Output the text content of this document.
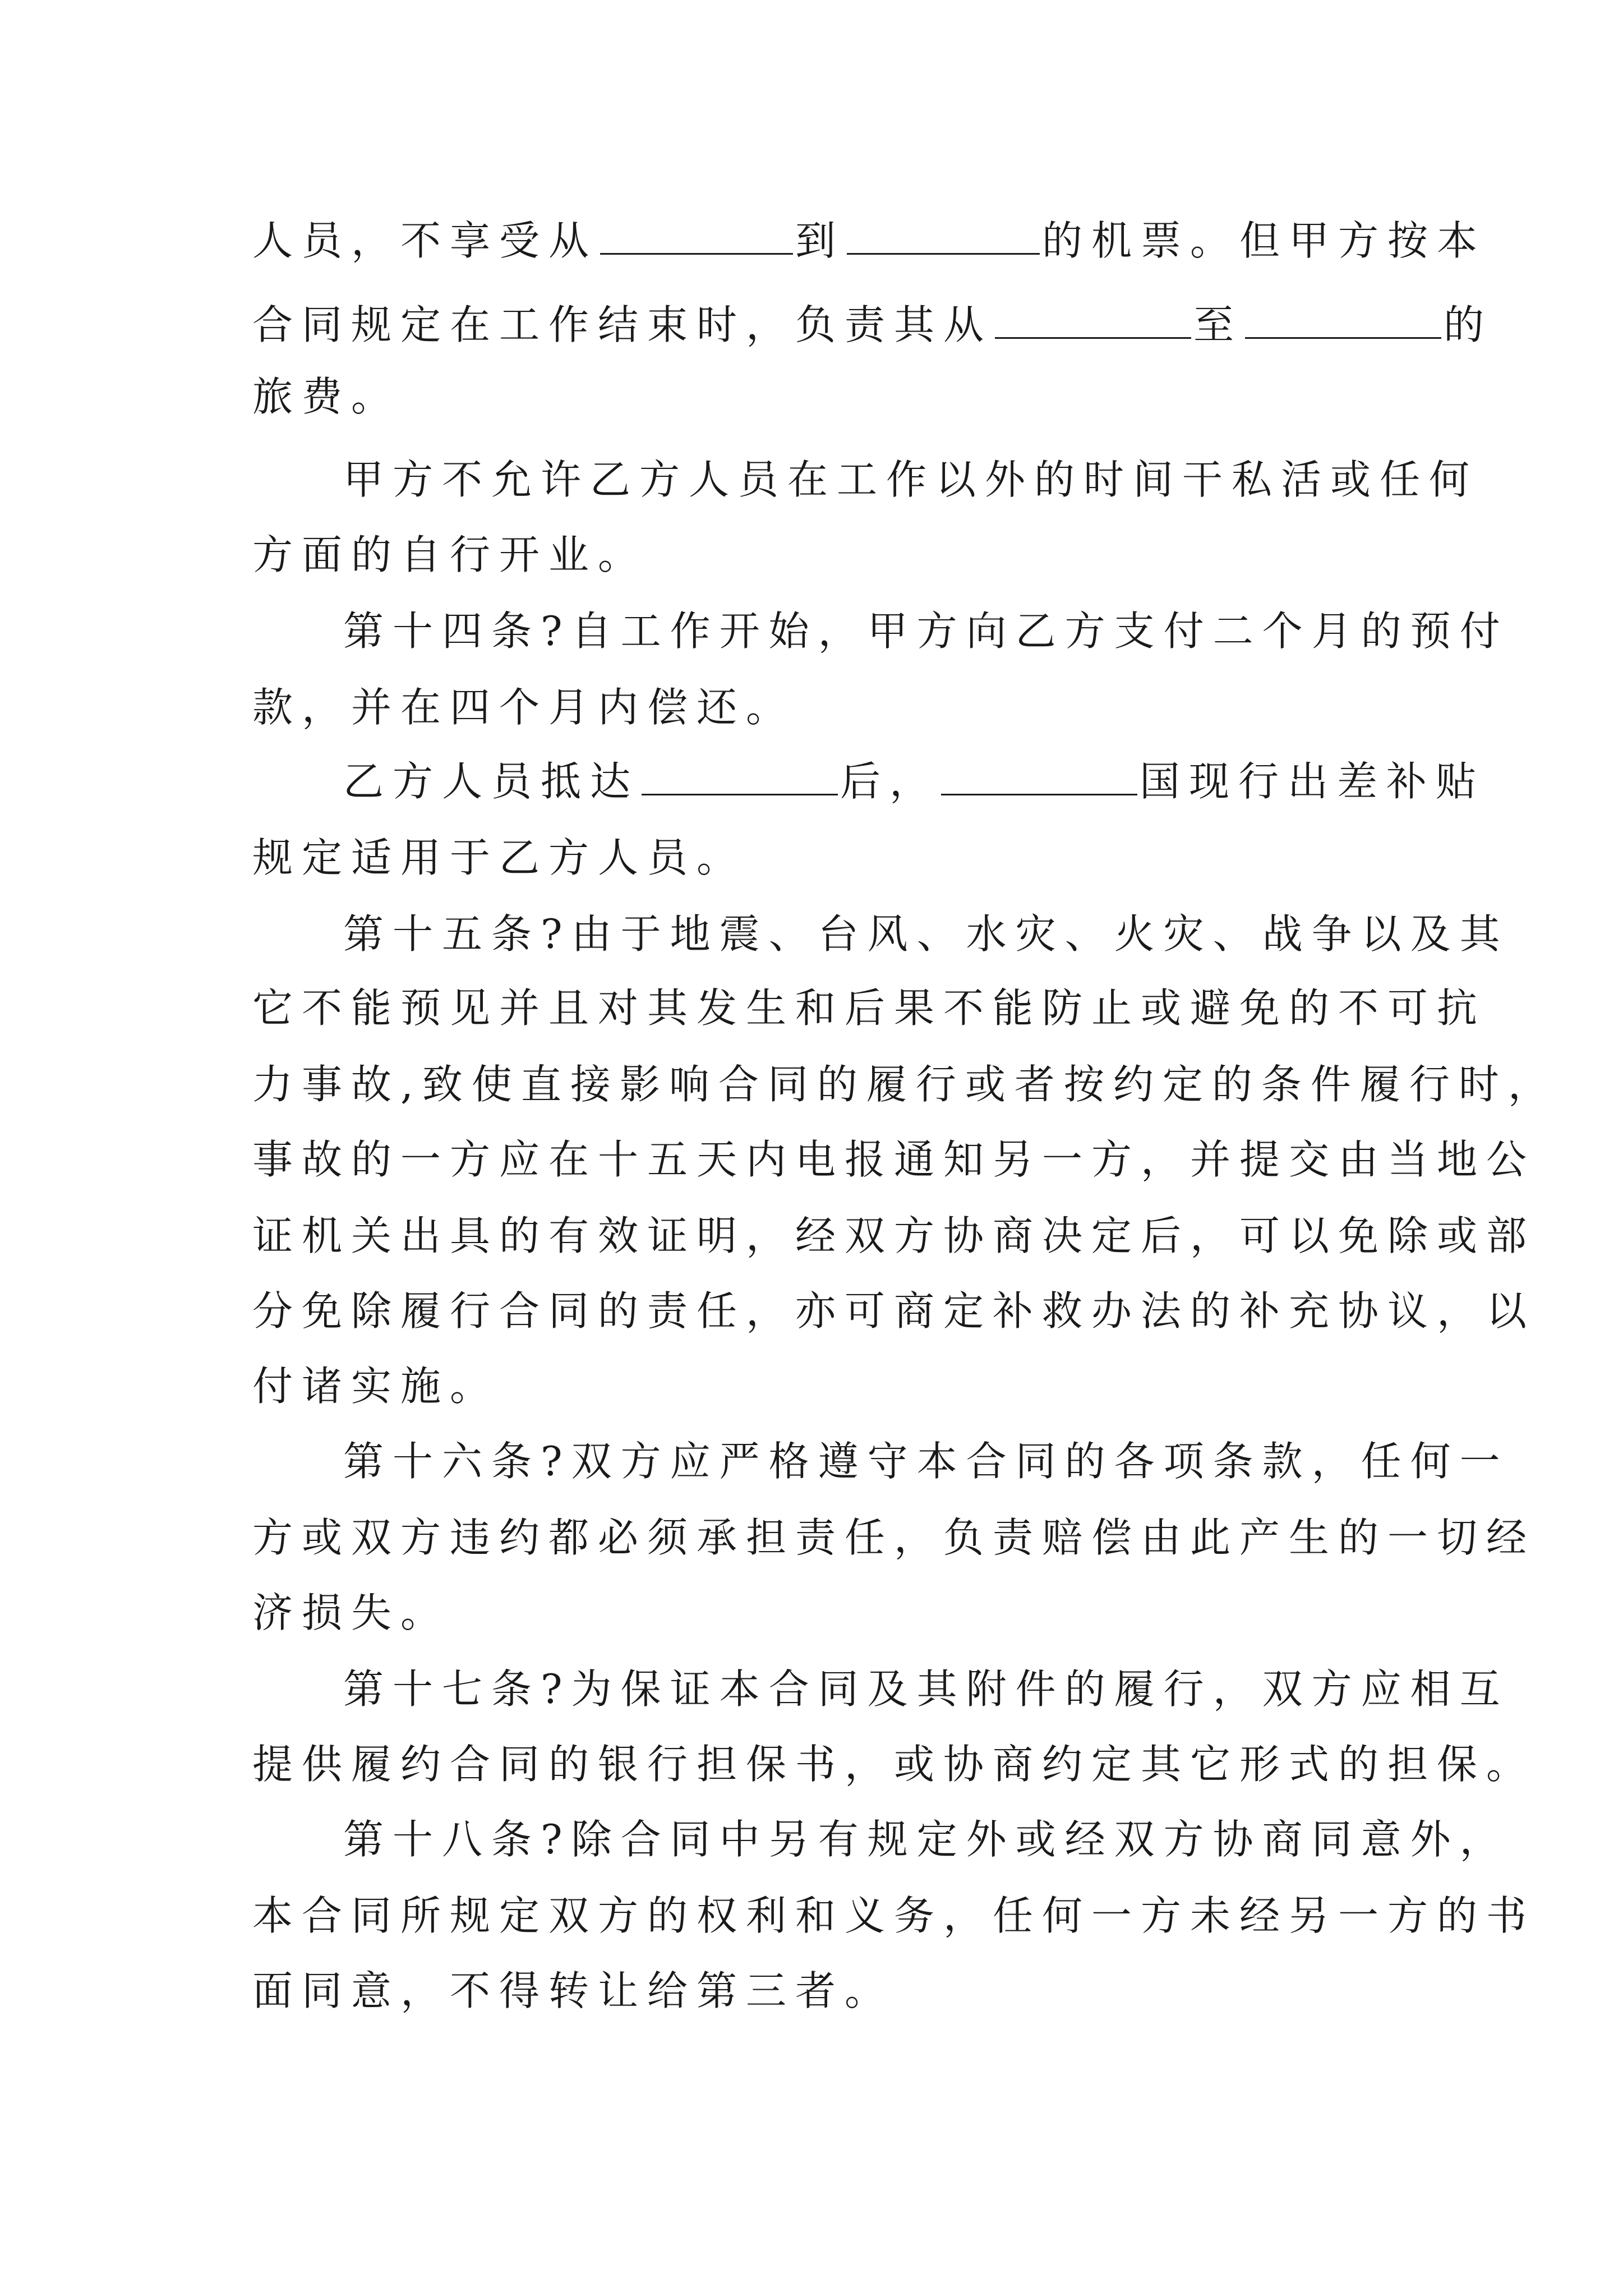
人员，不享受从	到	的机票。但甲方按本
合同规定在工作结束时，负责其从	至	的
旅费。
甲方不允许乙方人员在工作以外的时间干私活或任何
方面的自行开业。
第十四条?自工作开始，甲方向乙方支付二个月的预付
款，并在四个月内偿还。
乙方人员抵达	后，	国现行出差补贴
规定适用于乙方人员。
第十五条?由于地震、台风、水灾、火灾、战争以及其
它不能预见并且对其发生和后果不能防止或避免的不可抗
力事故,致使直接影响合同的履行或者按约定的条件履行时，
事故的一方应在十五天内电报通知另一方，并提交由当地公
证机关出具的有效证明，经双方协商决定后，可以免除或部
分免除履行合同的责任，亦可商定补救办法的补充协议，以
付诸实施。
第十六条?双方应严格遵守本合同的各项条款，任何一
方或双方违约都必须承担责任，负责赔偿由此产生的一切经
济损失。
第十七条?为保证本合同及其附件的履行，双方应相互
提供履约合同的银行担保书，或协商约定其它形式的担保。
第十八条?除合同中另有规定外或经双方协商同意外，
本合同所规定双方的权利和义务，任何一方未经另一方的书
面同意，不得转让给第三者。
